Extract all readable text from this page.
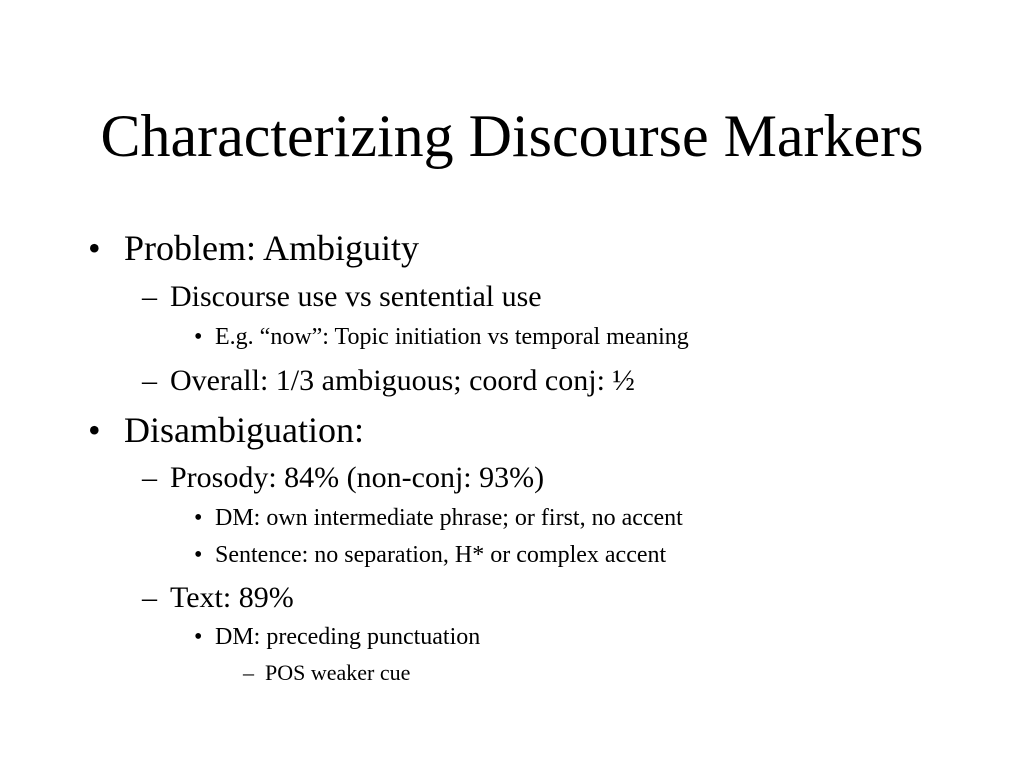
Characterizing Discourse Markers
• Problem: Ambiguity
– Discourse use vs sentential use
• E.g. “now”: Topic initiation vs temporal meaning
– Overall: 1/3 ambiguous; coord conj: ½
• Disambiguation:
– Prosody: 84% (non-conj: 93%)
• DM: own intermediate phrase; or first, no accent
• Sentence: no separation, H* or complex accent
– Text: 89%
• DM: preceding punctuation
– POS weaker cue
